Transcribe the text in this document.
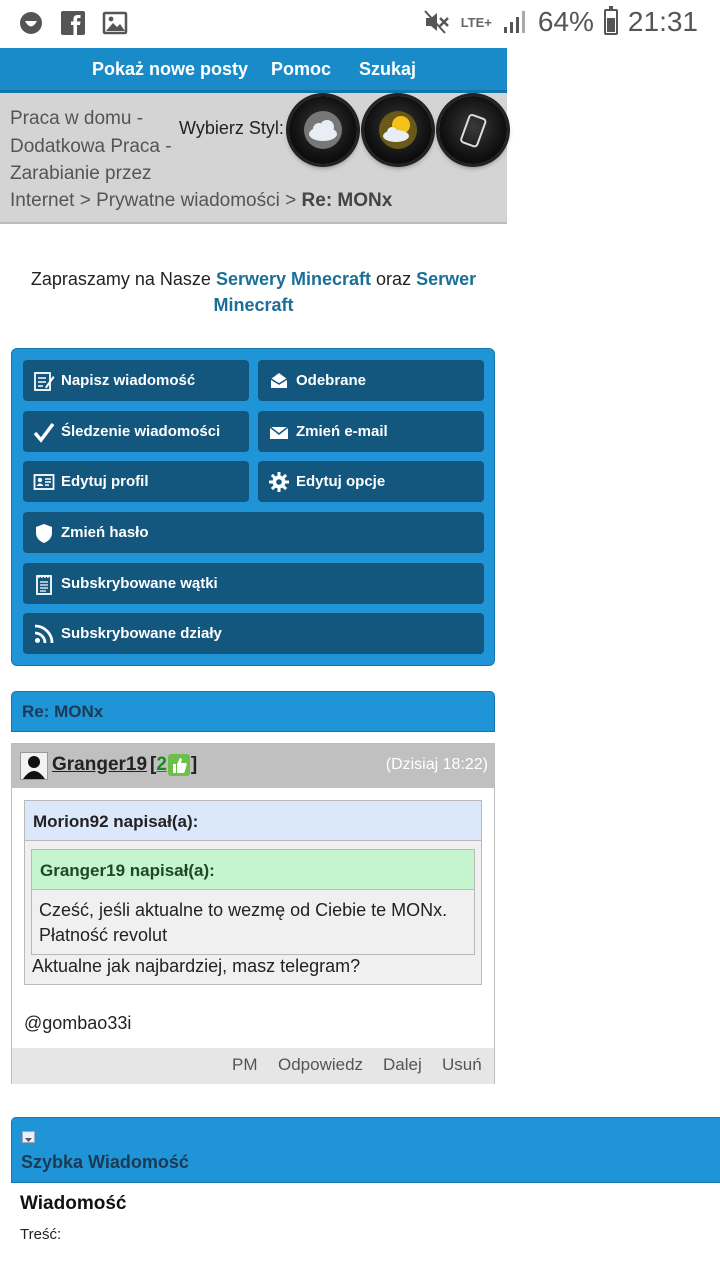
LTE+ 64% 21:31
Pokaż nowe posty Pomoc Szukaj
Praca w domu - Dodatkowa Praca - Zarabianie przez
Internet > Prywatne wiadomości > Re: MONx
Wybierz Styl:
Zapraszamy na Nasze Serwery Minecraft oraz Serwer Minecraft
Napisz wiadomość	Odebrane
Śledzenie wiadomości	Zmień e-mail
Edytuj profil	Edytuj opcje
Zmień hasło
Subskrybowane wątki
Subskrybowane działy
Re: MONx
Granger19 [ 2 ]	(Dzisiaj 18:22)
Morion92 napisał(a):
Granger19 napisał(a):
Cześć, jeśli aktualne to wezmę od Ciebie te MONx. Płatność revolut
Aktualne jak najbardziej, masz telegram?
@gombao33i
PM Odpowiedz Dalej Usuń
Szybka Wiadomość
Wiadomość
Treść:
